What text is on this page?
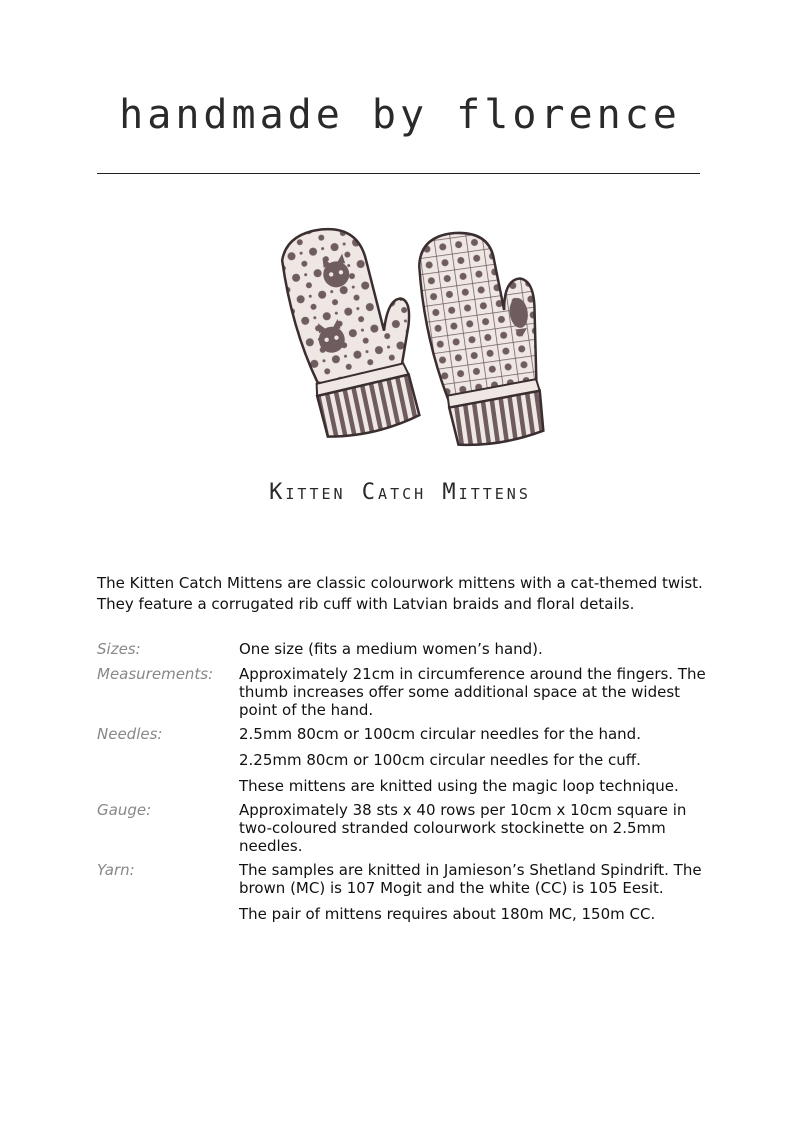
handmade by florence
Kitten Catch Mittens

The Kitten Catch Mittens are classic colourwork mittens with a cat-themed twist. They feature a corrugated rib cuff with Latvian braids and floral details.

Sizes:	One size (fits a medium women’s hand).

Measurements:	Approximately 21cm in circumference around the fingers. The thumb increases offer some additional space at the widest point of the hand.

Needles:	2.5mm 80cm or 100cm circular needles for the hand.

2.25mm 80cm or 100cm circular needles for the cuff.

These mittens are knitted using the magic loop technique.

Gauge:	Approximately 38 sts x 40 rows per 10cm x 10cm square in two-coloured stranded colourwork stockinette on 2.5mm needles.

Yarn:	The samples are knitted in Jamieson’s Shetland Spindrift. The brown (MC) is 107 Mogit and the white (CC) is 105 Eesit.

The pair of mittens requires about 180m MC, 150m CC.
